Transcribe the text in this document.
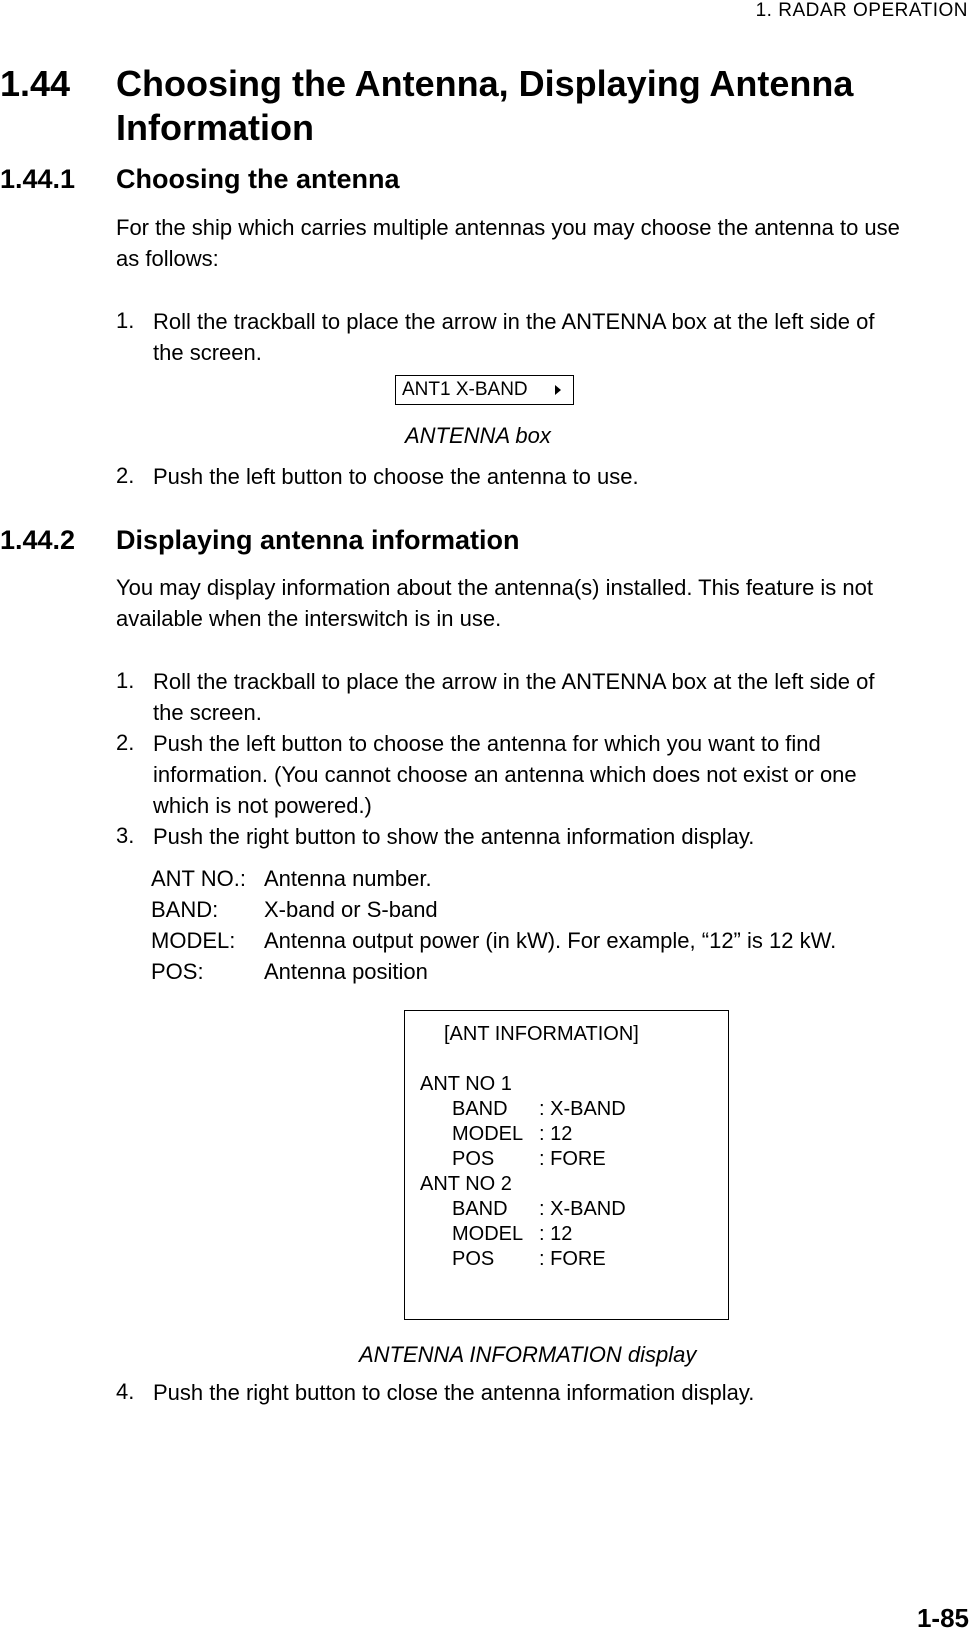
1. RADAR OPERATION
1.44 Choosing the Antenna, Displaying Antenna
Information
1.44.1 Choosing the antenna
For the ship which carries multiple antennas you may choose the antenna to use
as follows:
1. Roll the trackball to place the arrow in the ANTENNA box at the left side of
the screen.
ANT1 X-BAND
ANTENNA box
2. Push the left button to choose the antenna to use.
1.44.2 Displaying antenna information
You may display information about the antenna(s) installed. This feature is not
available when the interswitch is in use.
1. Roll the trackball to place the arrow in the ANTENNA box at the left side of
the screen.
2. Push the left button to choose the antenna for which you want to find
information. (You cannot choose an antenna which does not exist or one
which is not powered.)
3. Push the right button to show the antenna information display.
ANT NO.: Antenna number.
BAND: X-band or S-band
MODEL: Antenna output power (in kW). For example, “12” is 12 kW.
POS:	Antenna position
[ANT INFORMATION]
ANT NO 1
BAND : X-BAND
MODEL : 12
POS : FORE
ANT NO 2
BAND : X-BAND
MODEL : 12
POS : FORE
ANTENNA INFORMATION display
4. Push the right button to close the antenna information display.
1-85
